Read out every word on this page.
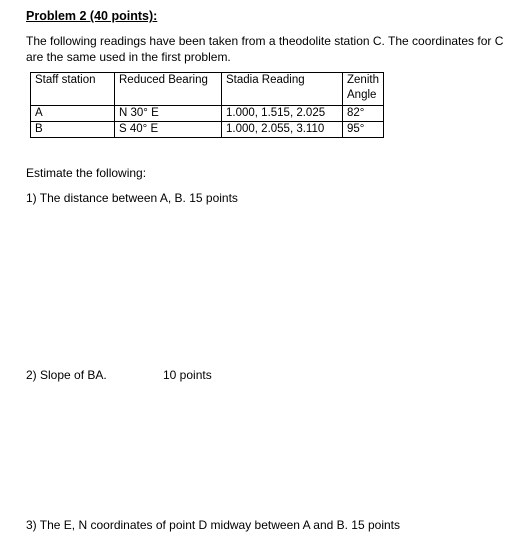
Problem 2 (40 points):
The following readings have been taken from a theodolite station C. The coordinates for C
are the same used in the first problem.
Staff station	Reduced Bearing	Stadia Reading	Zenith Angle
A	N 30° E	1.000, 1.515, 2.025	82°
B	S 40° E	1.000, 2.055, 3.110	95°
Estimate the following:
1) The distance between A, B. 15 points
2) Slope of BA.	10 points
3) The E, N coordinates of point D midway between A and B. 15 points
